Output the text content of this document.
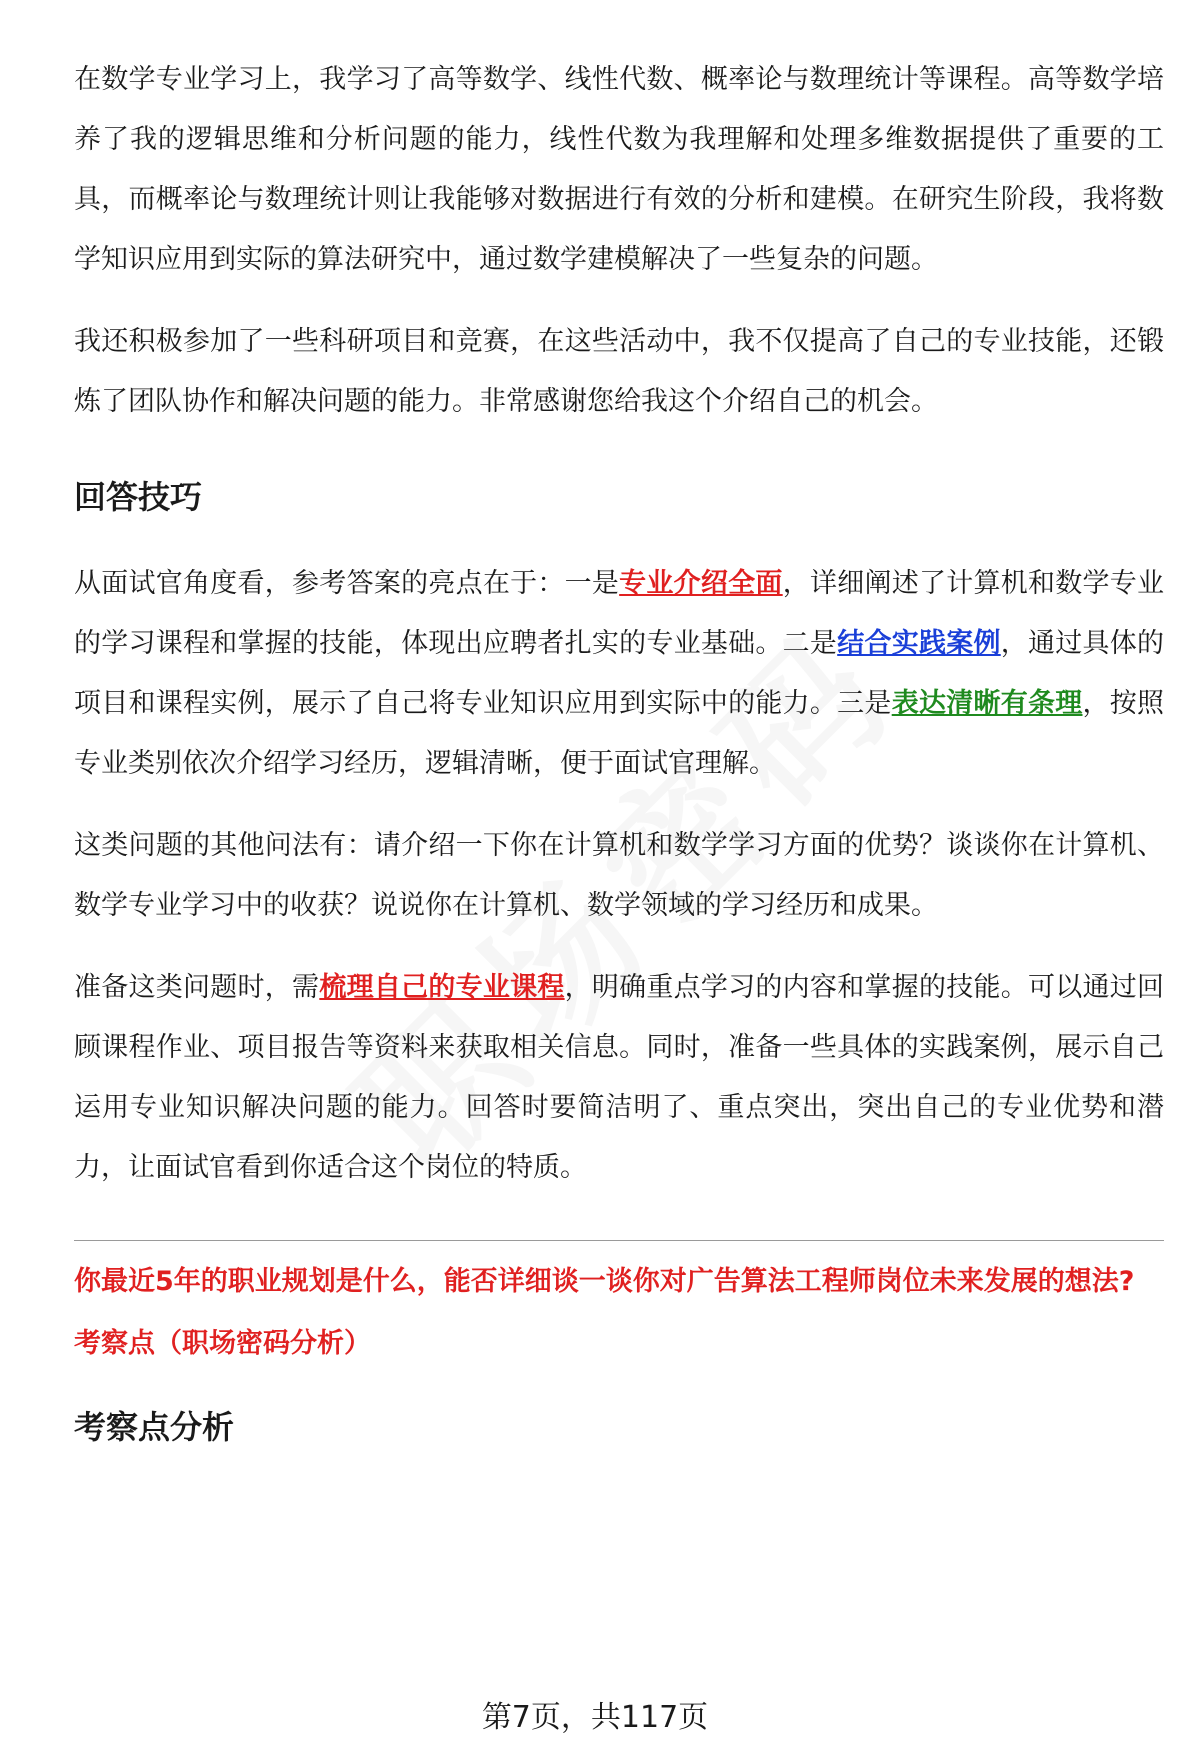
在数学专业学习上，我学习了高等数学、线性代数、概率论与数理统计等课程。高等数学培养了我的逻辑思维和分析问题的能力，线性代数为我理解和处理多维数据提供了重要的工具，而概率论与数理统计则让我能够对数据进行有效的分析和建模。在研究生阶段，我将数学知识应用到实际的算法研究中，通过数学建模解决了一些复杂的问题。

我还积极参加了一些科研项目和竞赛，在这些活动中，我不仅提高了自己的专业技能，还锻炼了团队协作和解决问题的能力。非常感谢您给我这个介绍自己的机会。

回答技巧

从面试官角度看，参考答案的亮点在于：一是专业介绍全面，详细阐述了计算机和数学专业的学习课程和掌握的技能，体现出应聘者扎实的专业基础。二是结合实践案例，通过具体的项目和课程实例，展示了自己将专业知识应用到实际中的能力。三是表达清晰有条理，按照专业类别依次介绍学习经历，逻辑清晰，便于面试官理解。

这类问题的其他问法有：请介绍一下你在计算机和数学学习方面的优势？谈谈你在计算机、数学专业学习中的收获？说说你在计算机、数学领域的学习经历和成果。

准备这类问题时，需梳理自己的专业课程，明确重点学习的内容和掌握的技能。可以通过回顾课程作业、项目报告等资料来获取相关信息。同时，准备一些具体的实践案例，展示自己运用专业知识解决问题的能力。回答时要简洁明了、重点突出，突出自己的专业优势和潜力，让面试官看到你适合这个岗位的特质。

你最近5年的职业规划是什么，能否详细谈一谈你对广告算法工程师岗位未来发展的想法?

考察点（职场密码分析）

考察点分析
第7页，共117页
